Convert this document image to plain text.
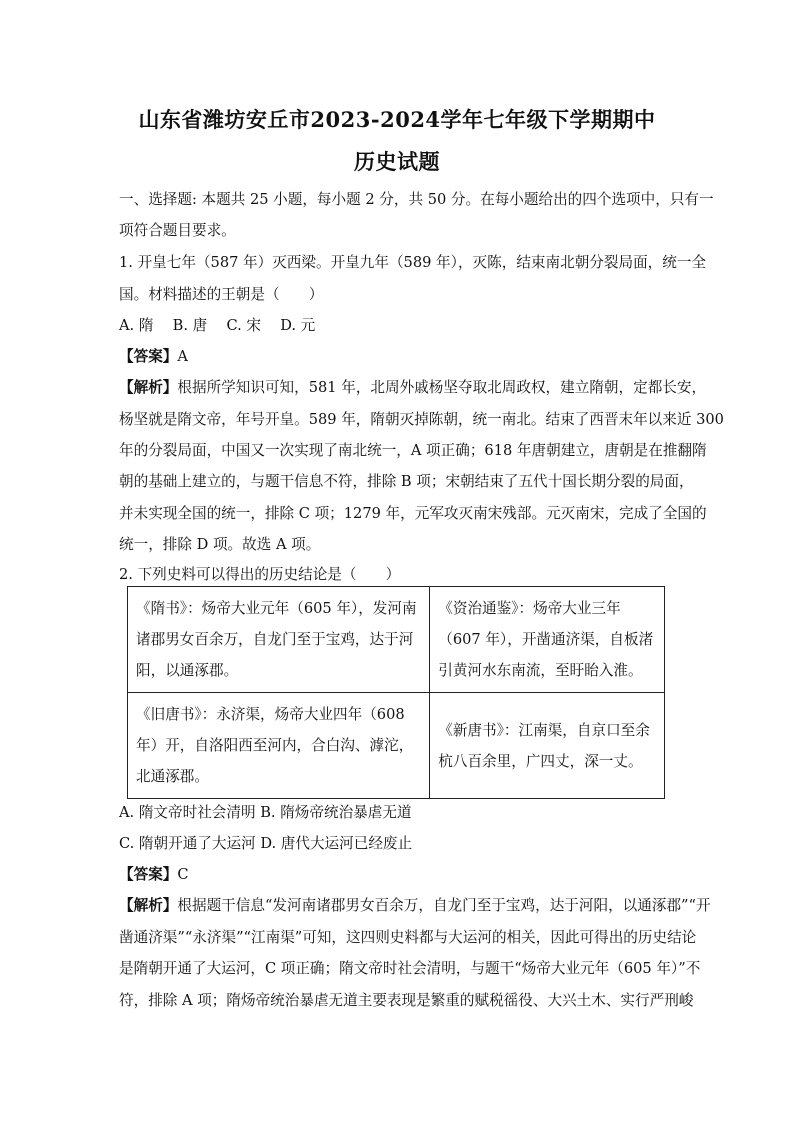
山东省潍坊安丘市2023-2024学年七年级下学期期中
历史试题
一、选择题: 本题共 25 小题，每小题 2 分，共 50 分。在每小题给出的四个选项中，只有一
项符合题目要求。
1. 开皇七年（587 年）灭西梁。开皇九年（589 年），灭陈，结束南北朝分裂局面，统一全
国。材料描述的王朝是（　　）
A. 隋　 B. 唐　 C. 宋　 D. 元
【答案】A
【解析】根据所学知识可知，581 年，北周外戚杨坚夺取北周政权，建立隋朝，定都长安，
杨坚就是隋文帝，年号开皇。589 年，隋朝灭掉陈朝，统一南北。结束了西晋末年以来近 300
年的分裂局面，中国又一次实现了南北统一，A 项正确；618 年唐朝建立，唐朝是在推翻隋
朝的基础上建立的，与题干信息不符，排除 B 项；宋朝结束了五代十国长期分裂的局面，
并未实现全国的统一，排除 C 项；1279 年，元军攻灭南宋残部。元灭南宋，完成了全国的
统一，排除 D 项。故选 A 项。
2. 下列史料可以得出的历史结论是（　　）
《隋书》：炀帝大业元年（605 年），发河南诸郡男女百余万，自龙门至于宝鸡，达于河阳，以通涿郡。	《资治通鉴》：炀帝大业三年（607 年），开凿通济渠，自板渚引黄河水东南流，至盱眙入淮。
《旧唐书》：永济渠，炀帝大业四年（608 年）开，自洛阳西至河内，合白沟、滹沱，北通涿郡。	《新唐书》：江南渠，自京口至余杭八百余里，广四丈，深一丈。
A. 隋文帝时社会清明 B. 隋炀帝统治暴虐无道
C. 隋朝开通了大运河 D. 唐代大运河已经废止
【答案】C
【解析】根据题干信息“发河南诸郡男女百余万，自龙门至于宝鸡，达于河阳，以通涿郡”“开
凿通济渠”“永济渠”“江南渠”可知，这四则史料都与大运河的相关，因此可得出的历史结论
是隋朝开通了大运河，C 项正确；隋文帝时社会清明，与题干“炀帝大业元年（605 年）”不
符，排除 A 项；隋炀帝统治暴虐无道主要表现是繁重的赋税徭役、大兴土木、实行严刑峻
